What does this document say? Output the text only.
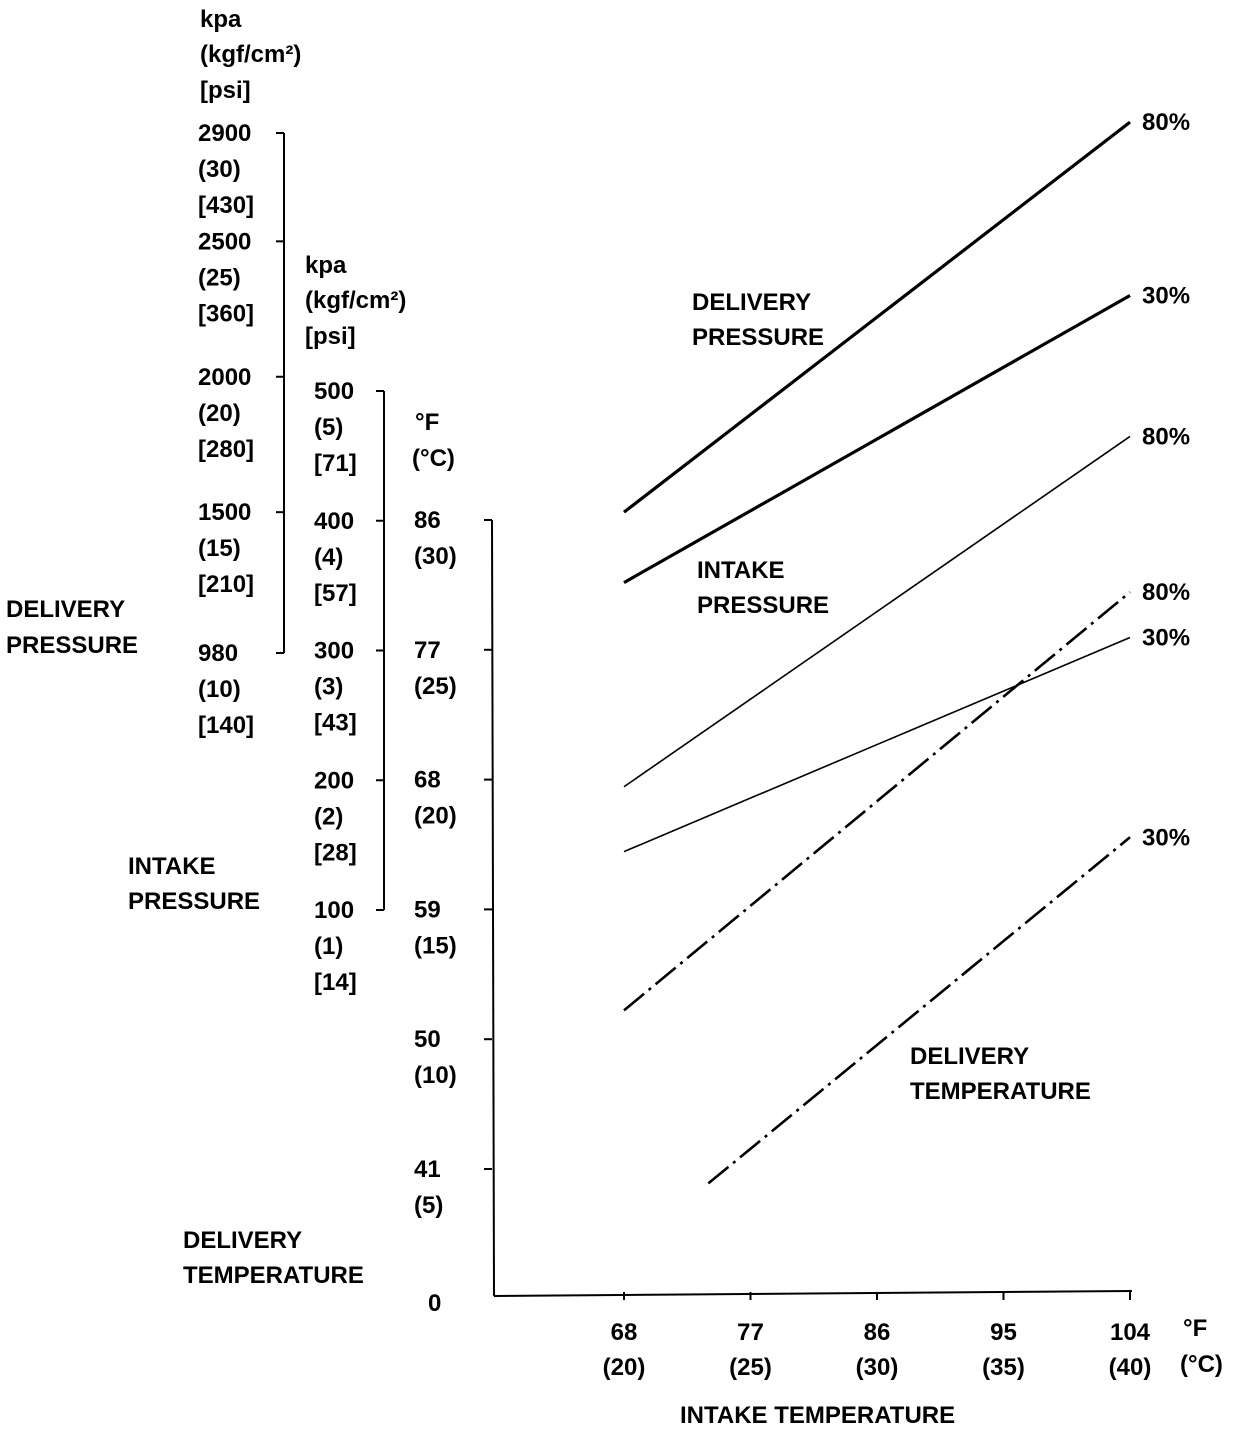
kpa
(kgf/cm²)
[psi]
kpa
(kgf/cm²)
[psi]
°F
(°C)
DELIVERY
PRESSURE
INTAKE
PRESSURE
DELIVERY
TEMPERATURE
2900
(30)
[430]
2500
(25)
[360]
2000
(20)
[280]
1500
(15)
[210]
980
(10)
[140]
500
(5)
[71]
400
(4)
[57]
300
(3)
[43]
200
(2)
[28]
100
(1)
[14]
86
(30)
77
(25)
68
(20)
59
(15)
50
(10)
41
(5)
0
°F
(°C)
INTAKE TEMPERATURE
68
(20)
77
(25)
86
(30)
95
(35)
104
(40)
80%
30%
80%
30%
80%
30%
DELIVERY
PRESSURE
INTAKE
PRESSURE
DELIVERY
TEMPERATURE
